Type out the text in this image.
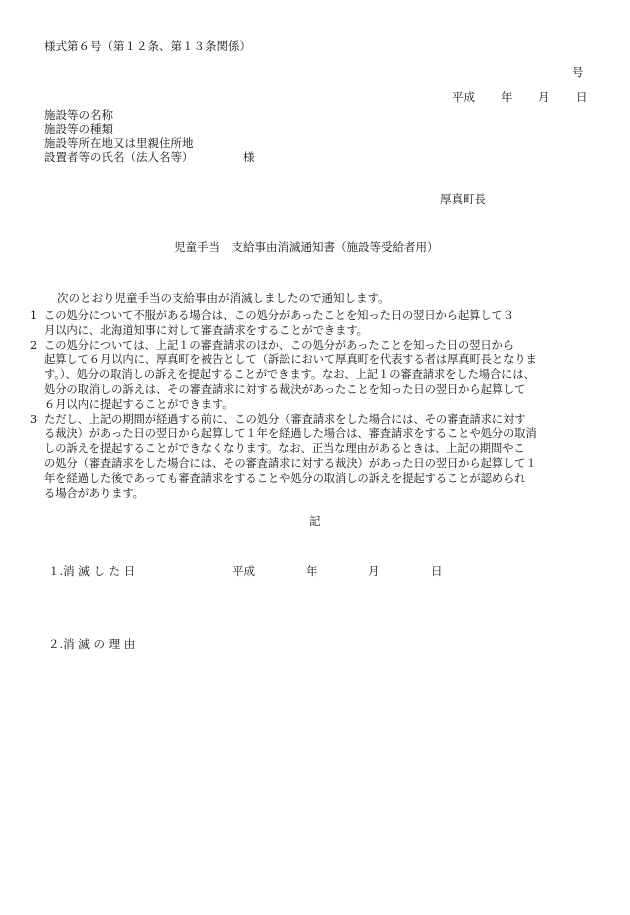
様式第６号（第１２条、第１３条関係）
号
平成 年 月 日
施設等の名称
施設等の種類
施設等所在地又は里親住所地
設置者等の氏名（法人名等）	様
厚真町長
児童手当　支給事由消滅通知書（施設等受給者用）
次のとおり児童手当の支給事由が消滅しましたので通知します。
1 この処分について不服がある場合は、この処分があったことを知った日の翌日から起算して３
月以内に、北海道知事に対して審査請求をすることができます。
2 この処分については、上記１の審査請求のほか、この処分があったことを知った日の翌日から
起算して６月以内に、厚真町を被告として（訴訟において厚真町を代表する者は厚真町長となりま
す。）、処分の取消しの訴えを提起することができます。なお、上記１の審査請求をした場合には、
処分の取消しの訴えは、その審査請求に対する裁決があったことを知った日の翌日から起算して
６月以内に提起することができます。
3 ただし、上記の期間が経過する前に、この処分（審査請求をした場合には、その審査請求に対す
る裁決）があった日の翌日から起算して１年を経過した場合は、審査請求をすることや処分の取消
しの訴えを提起することができなくなります。なお、正当な理由があるときは、上記の期間やこ
の処分（審査請求をした場合には、その審査請求に対する裁決）があった日の翌日から起算して１
年を経過した後であっても審査請求をすることや処分の取消しの訴えを提起することが認められ
る場合があります。
記
１.消 滅 し た 日	平成	年	月	日
２.消 滅 の 理 由
